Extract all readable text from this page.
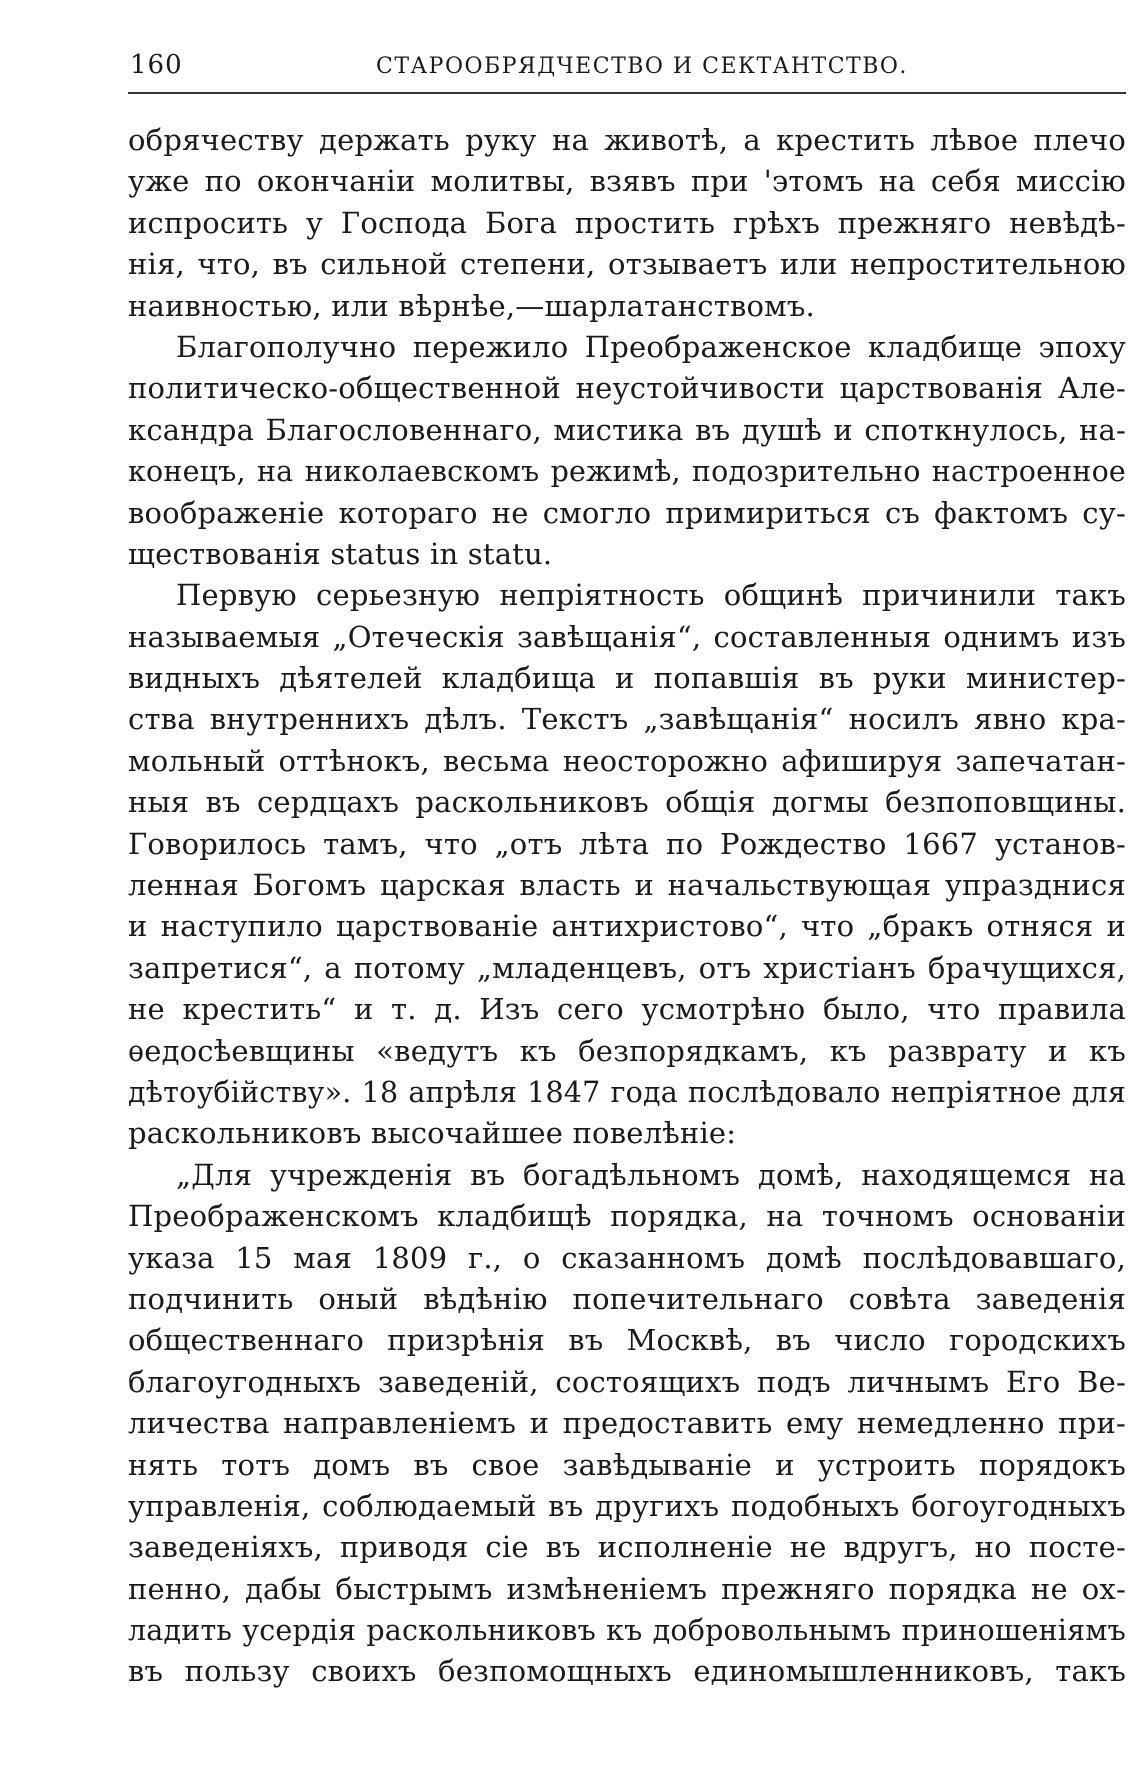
160	СТАРООБРЯДЧЕСТВО И СЕКТАНТСТВО.
обрячеству держать руку на животѣ, а крестить лѣвое плечо
уже по окончаніи молитвы, взявъ при 'этомъ на себя миссію
испросить у Господа Бога простить грѣхъ прежняго невѣдѣ-
нія, что, въ сильной степени, отзываетъ или непростительною
наивностью, или вѣрнѣе,—шарлатанствомъ.
Благополучно пережило Преображенское кладбище эпоху
политическо-общественной неустойчивости царствованія Але-
ксандра Благословеннаго, мистика въ душѣ и споткнулось, на-
конецъ, на николаевскомъ режимѣ, подозрительно настроенное
воображеніе котораго не смогло примириться съ фактомъ су-
ществованія status in statu.
Первую серьезную непріятность общинѣ причинили такъ
называемыя „Отеческія завѣщанія“, составленныя однимъ изъ
видныхъ дѣятелей кладбища и попавшія въ руки министер-
ства внутреннихъ дѣлъ. Текстъ „завѣщанія“ носилъ явно кра-
мольный оттѣнокъ, весьма неосторожно афишируя запечатан-
ныя въ сердцахъ раскольниковъ общія догмы безпоповщины.
Говорилось тамъ, что „отъ лѣта по Рождество 1667 установ-
ленная Богомъ царская власть и начальствующая упразднися
и наступило царствованіе антихристово“, что „бракъ отняся и
запретися“, а потому „младенцевъ, отъ христіанъ брачущихся,
не крестить“ и т. д. Изъ сего усмотрѣно было, что правила
ѳедосѣевщины «ведутъ къ безпорядкамъ, къ разврату и къ
дѣтоубійству». 18 апрѣля 1847 года послѣдовало непріятное для
раскольниковъ высочайшее повелѣніе:
„Для учрежденія въ богадѣльномъ домѣ, находящемся на
Преображенскомъ кладбищѣ порядка, на точномъ основаніи
указа 15 мая 1809 г., о сказанномъ домѣ послѣдовавшаго,
подчинить оный вѣдѣнію попечительнаго совѣта заведенія
общественнаго призрѣнія въ Москвѣ, въ число городскихъ
благоугодныхъ заведеній, состоящихъ подъ личнымъ Его Ве-
личества направленіемъ и предоставить ему немедленно при-
нять тотъ домъ въ свое завѣдываніе и устроить порядокъ
управленія, соблюдаемый въ другихъ подобныхъ богоугодныхъ
заведеніяхъ, приводя сіе въ исполненіе не вдругъ, но посте-
пенно, дабы быстрымъ измѣненіемъ прежняго порядка не ох-
ладить усердія раскольниковъ къ добровольнымъ приношеніямъ
въ пользу своихъ безпомощныхъ единомышленниковъ, такъ
